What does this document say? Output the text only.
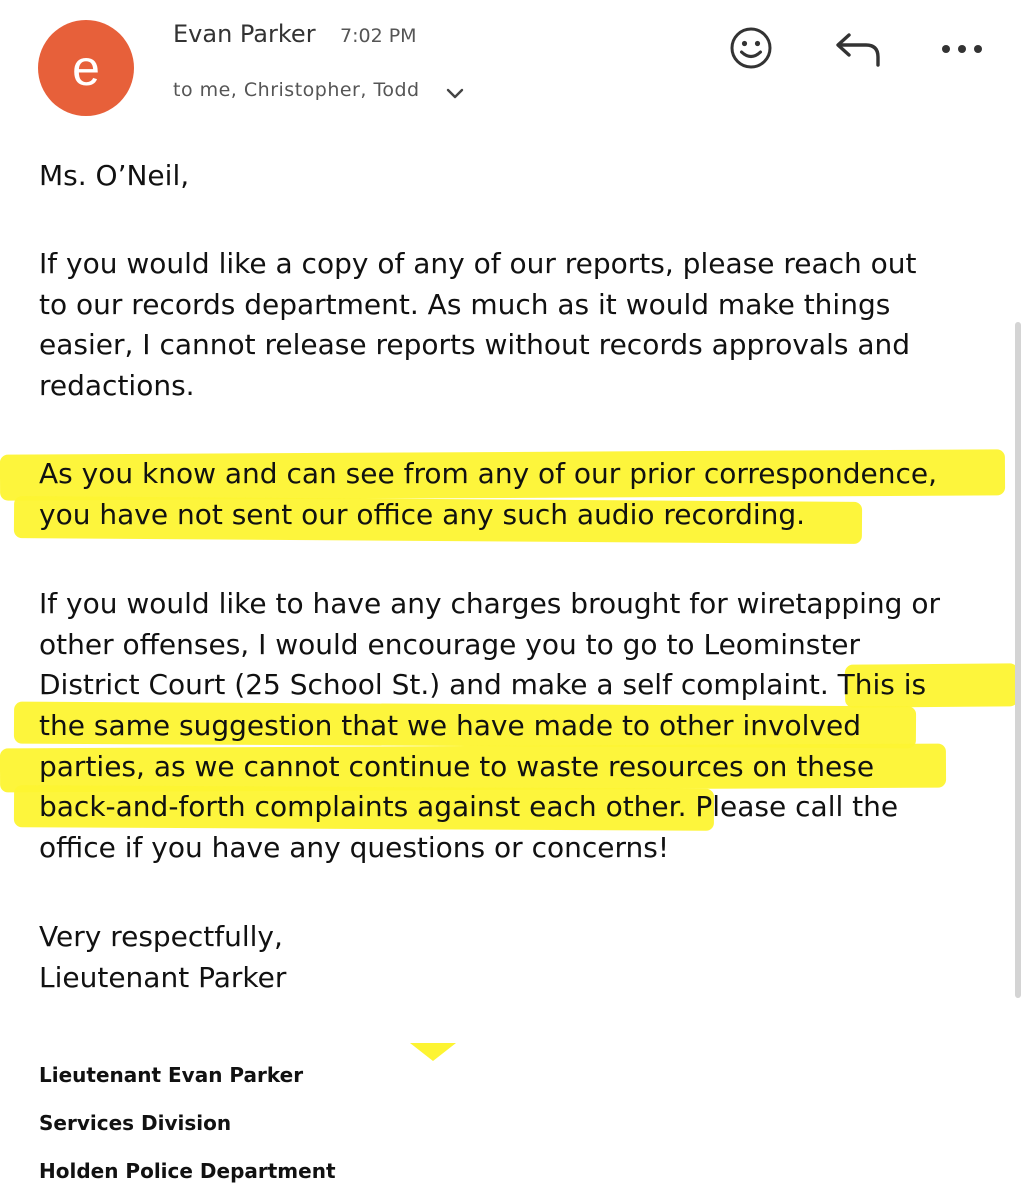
e
Evan Parker 7:02 PM
to me, Christopher, Todd
Ms. O’Neil,
If you would like a copy of any of our reports, please reach out
to our records department. As much as it would make things
easier, I cannot release reports without records approvals and
redactions.
As you know and can see from any of our prior correspondence,
you have not sent our office any such audio recording.
If you would like to have any charges brought for wiretapping or
other offenses, I would encourage you to go to Leominster
District Court (25 School St.) and make a self complaint. This is
the same suggestion that we have made to other involved
parties, as we cannot continue to waste resources on these
back-and-forth complaints against each other. Please call the
office if you have any questions or concerns!
Very respectfully,
Lieutenant Parker
Lieutenant Evan Parker
Services Division
Holden Police Department
